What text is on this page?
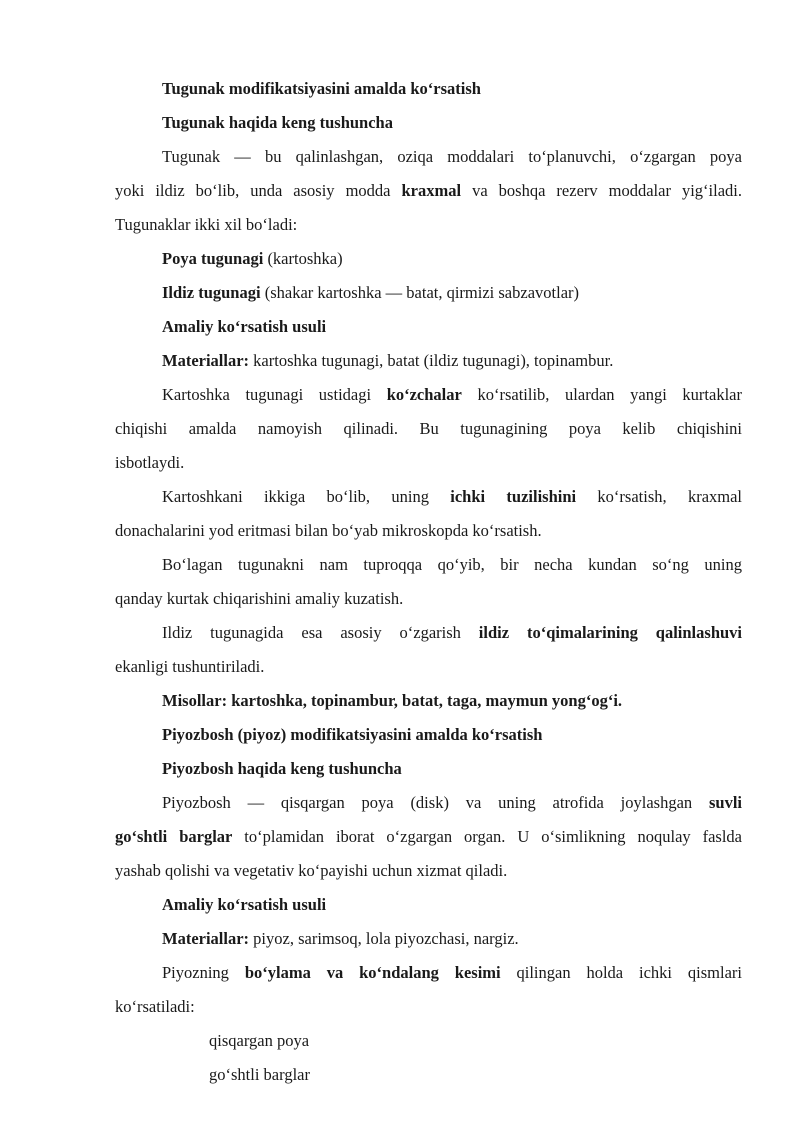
Tugunak modifikatsiyasini amalda koʻrsatish
Tugunak haqida keng tushuncha
Tugunak — bu qalinlashgan, oziqa moddalari toʻplanuvchi, oʻzgargan poya
yoki ildiz boʻlib, unda asosiy modda kraxmal va boshqa rezerv moddalar yigʻiladi.
Tugunaklar ikki xil boʻladi:
Poya tugunagi (kartoshka)
Ildiz tugunagi (shakar kartoshka — batat, qirmizi sabzavotlar)
Amaliy koʻrsatish usuli
Materiallar: kartoshka tugunagi, batat (ildiz tugunagi), topinambur.
Kartoshka tugunagi ustidagi koʻzchalar koʻrsatilib, ulardan yangi kurtaklar
chiqishi amalda namoyish qilinadi. Bu tugunagining poya kelib chiqishini
isbotlaydi.
Kartoshkani ikkiga boʻlib, uning ichki tuzilishini koʻrsatish, kraxmal
donachalarini yod eritmasi bilan boʻyab mikroskopda koʻrsatish.
Boʻlagan tugunakni nam tuproqqa qoʻyib, bir necha kundan soʻng uning
qanday kurtak chiqarishini amaliy kuzatish.
Ildiz tugunagida esa asosiy oʻzgarish ildiz toʻqimalarining qalinlashuvi
ekanligi tushuntiriladi.
Misollar: kartoshka, topinambur, batat, taga, maymun yongʻogʻi.
Piyozbosh (piyoz) modifikatsiyasini amalda koʻrsatish
Piyozbosh haqida keng tushuncha
Piyozbosh — qisqargan poya (disk) va uning atrofida joylashgan suvli
goʻshtli barglar toʻplamidan iborat oʻzgargan organ. U oʻsimlikning noqulay faslda
yashab qolishi va vegetativ koʻpayishi uchun xizmat qiladi.
Amaliy koʻrsatish usuli
Materiallar: piyoz, sarimsoq, lola piyozchasi, nargiz.
Piyozning boʻylama va koʻndalang kesimi qilingan holda ichki qismlari
koʻrsatiladi:
qisqargan poya
goʻshtli barglar
